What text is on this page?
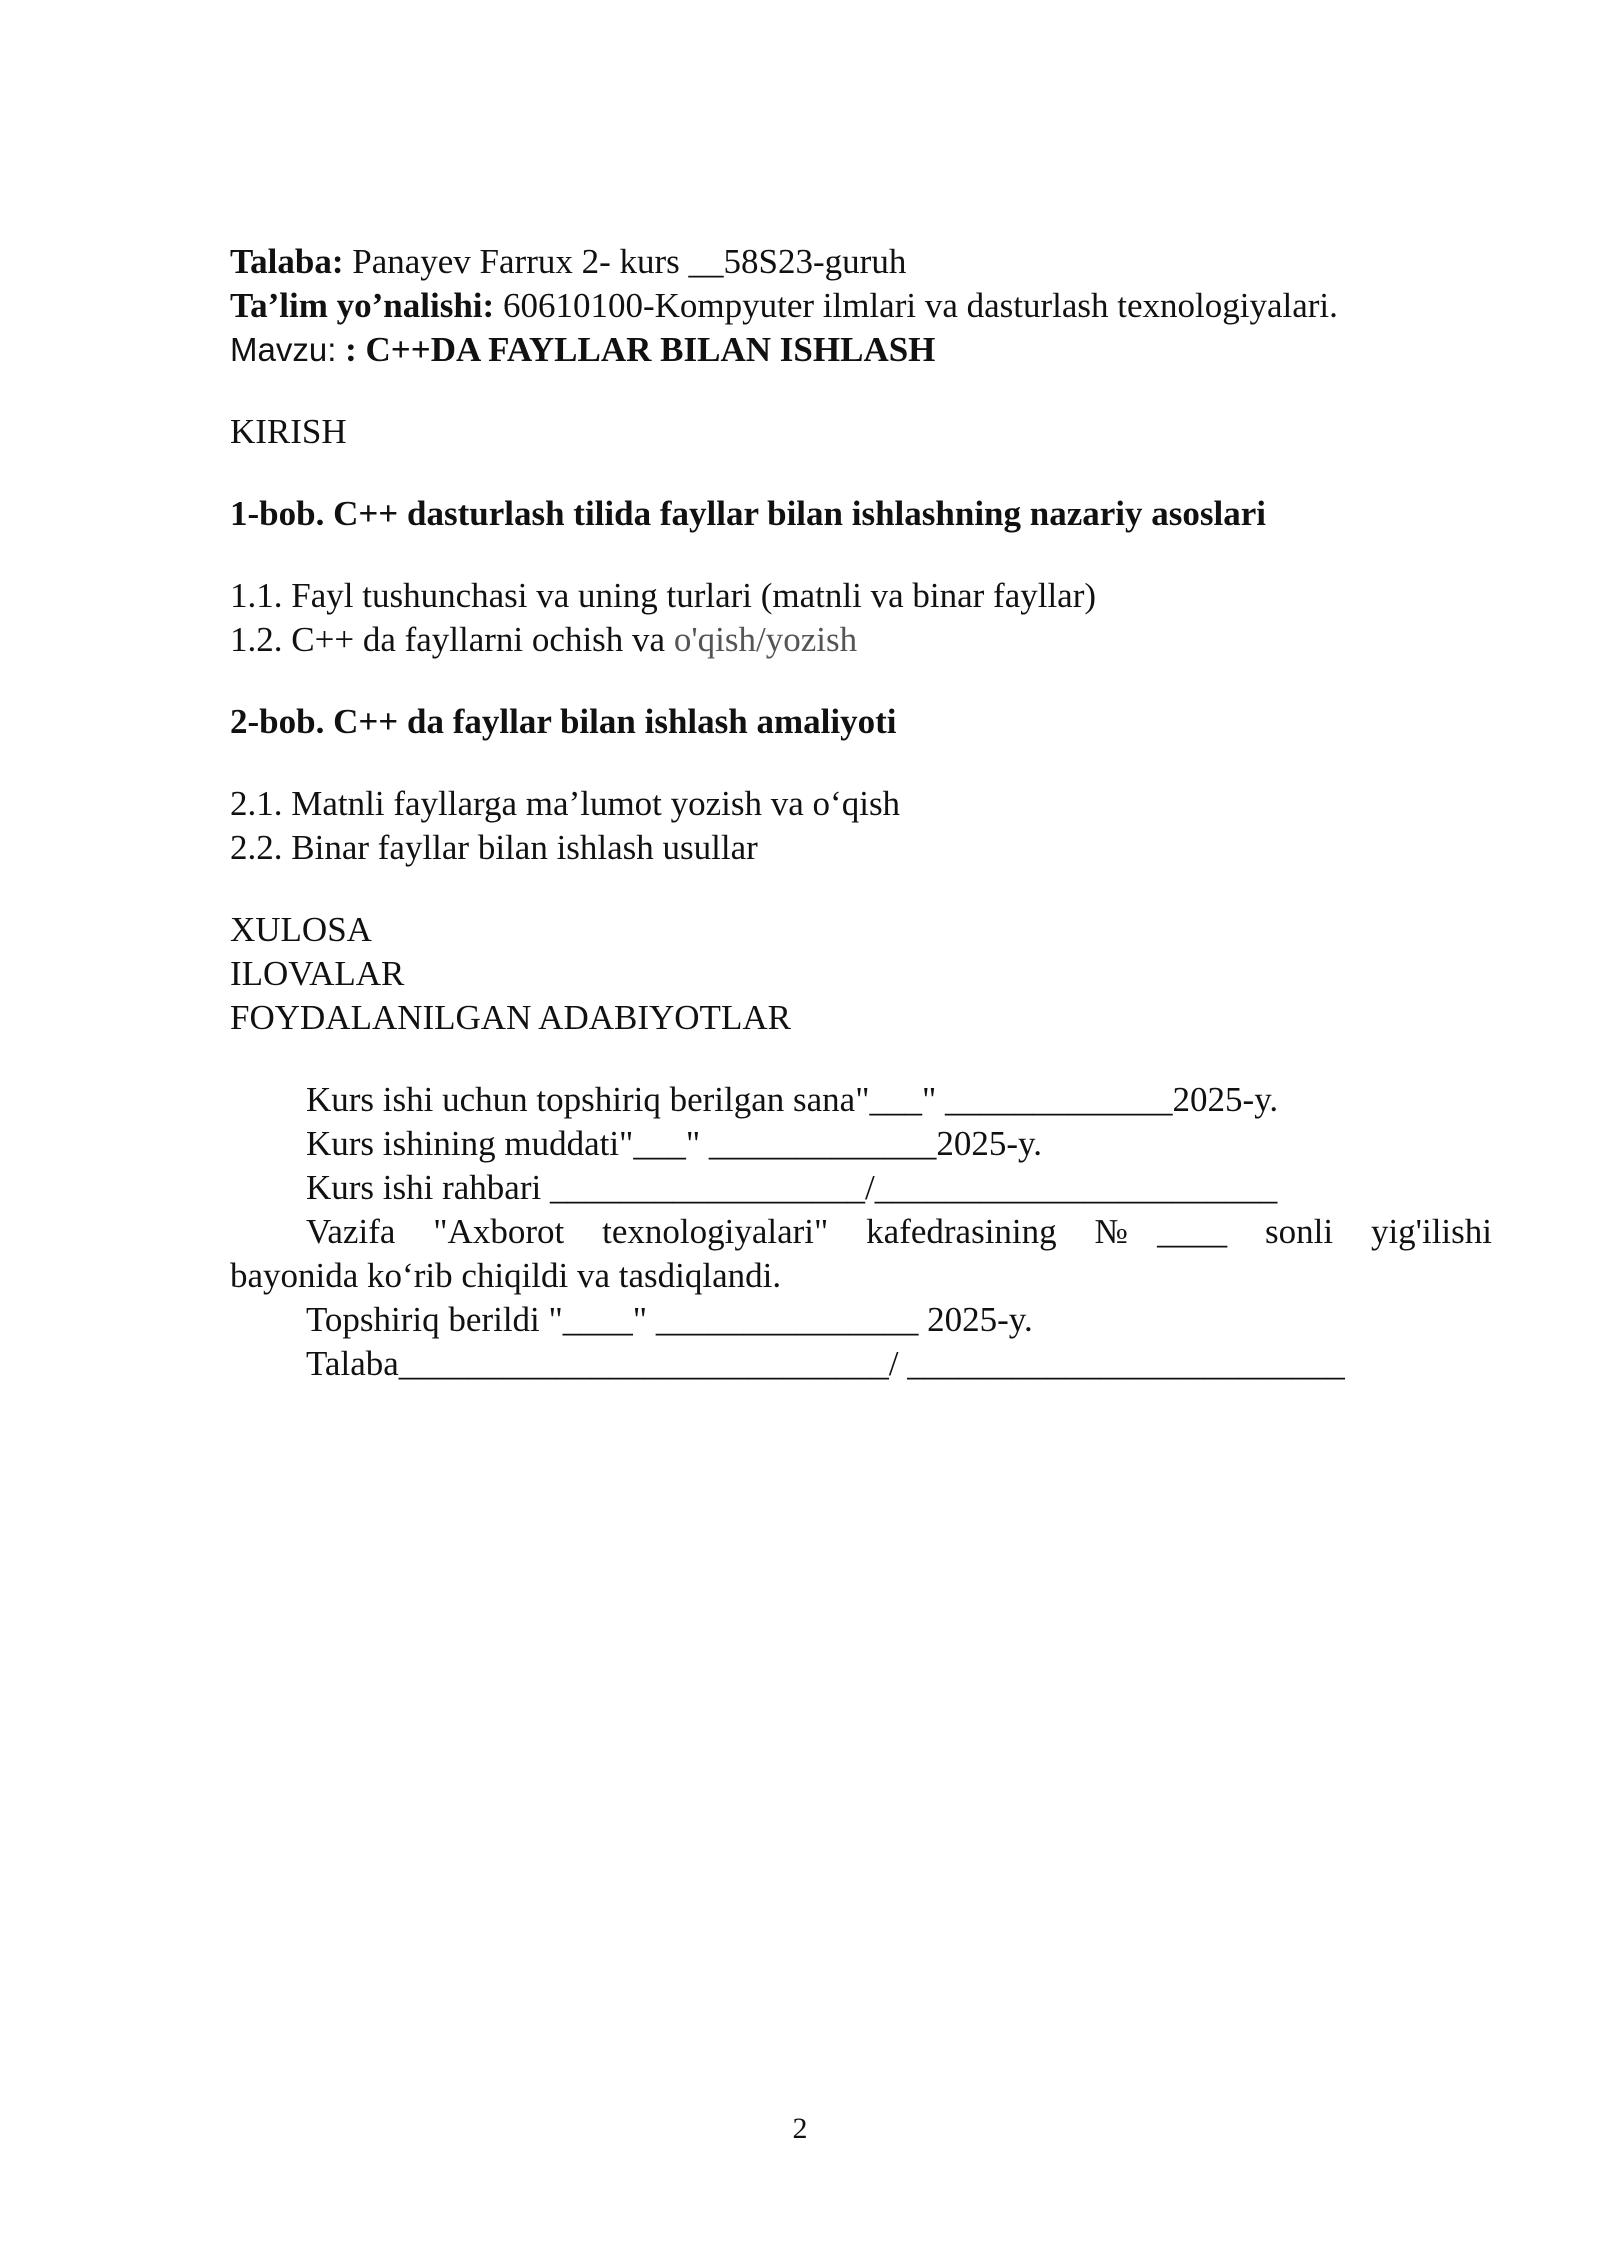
Talaba: Panayev Farrux 2- kurs __58S23-guruh
Ta’lim yo’nalishi: 60610100-Kompyuter ilmlari va dasturlash texnologiyalari.
Mavzu: : C++DA FAYLLAR BILAN ISHLASH
KIRISH
1-bob. C++ dasturlash tilida fayllar bilan ishlashning nazariy asoslari
1.1. Fayl tushunchasi va uning turlari (matnli va binar fayllar)
1.2. C++ da fayllarni ochish va o'qish/yozish
2-bob. C++ da fayllar bilan ishlash amaliyoti
2.1. Matnli fayllarga ma’lumot yozish va o‘qish
2.2. Binar fayllar bilan ishlash usullar
XULOSA
ILOVALAR
FOYDALANILGAN ADABIYOTLAR
Kurs ishi uchun topshiriq berilgan sana"___" _____________2025-y.
Kurs ishining muddati"___" _____________2025-y.
Kurs ishi rahbari __________________/_______________________
Vazifa "Axborot texnologiyalari" kafedrasining №____ sonli yig'ilishi
bayonida ko‘rib chiqildi va tasdiqlandi.
Topshiriq berildi "____" _______________ 2025-y.
Talaba____________________________/ _________________________
2
